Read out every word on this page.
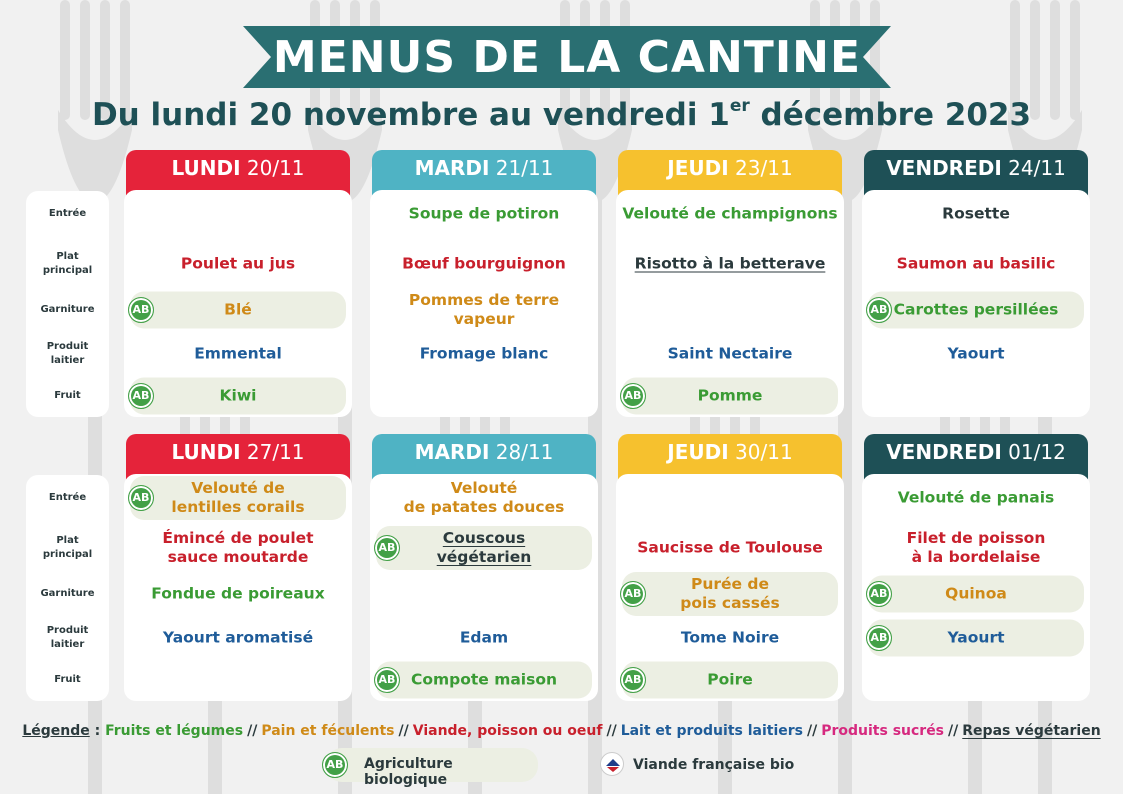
MENUS DE LA CANTINE
Du lundi 20 novembre au vendredi 1er décembre 2023
Entrée
Plat
principal
Garniture
Produit
laitier
Fruit
LUNDI 20/11
Poulet au jus
Blé
AB
Emmental
Kiwi
AB
MARDI 21/11
Soupe de potiron
Bœuf bourguignon
Pommes de terre
vapeur
Fromage blanc
JEUDI 23/11
Velouté de champignons
Risotto à la betterave
Saint Nectaire
Pomme
AB
VENDREDI 24/11
Rosette
Saumon au basilic
Carottes persillées
AB
Yaourt
Entrée
Plat
principal
Garniture
Produit
laitier
Fruit
LUNDI 27/11
Velouté de
lentilles corails
AB
Émincé de poulet
sauce moutarde
Fondue de poireaux
Yaourt aromatisé
MARDI 28/11
Velouté
de patates douces
Couscous
végétarien
AB
Edam
Compote maison
AB
JEUDI 30/11
Saucisse de Toulouse
Purée de
pois cassés
AB
Tome Noire
Poire
AB
VENDREDI 01/12
Velouté de panais
Filet de poisson
à la bordelaise
Quinoa
AB
Yaourt
AB
Légende : Fruits et légumes // Pain et féculents // Viande, poisson ou oeuf // Lait et produits laitiers // Produits sucrés // Repas végétarien
AB Agriculture biologique
Viande française bio
